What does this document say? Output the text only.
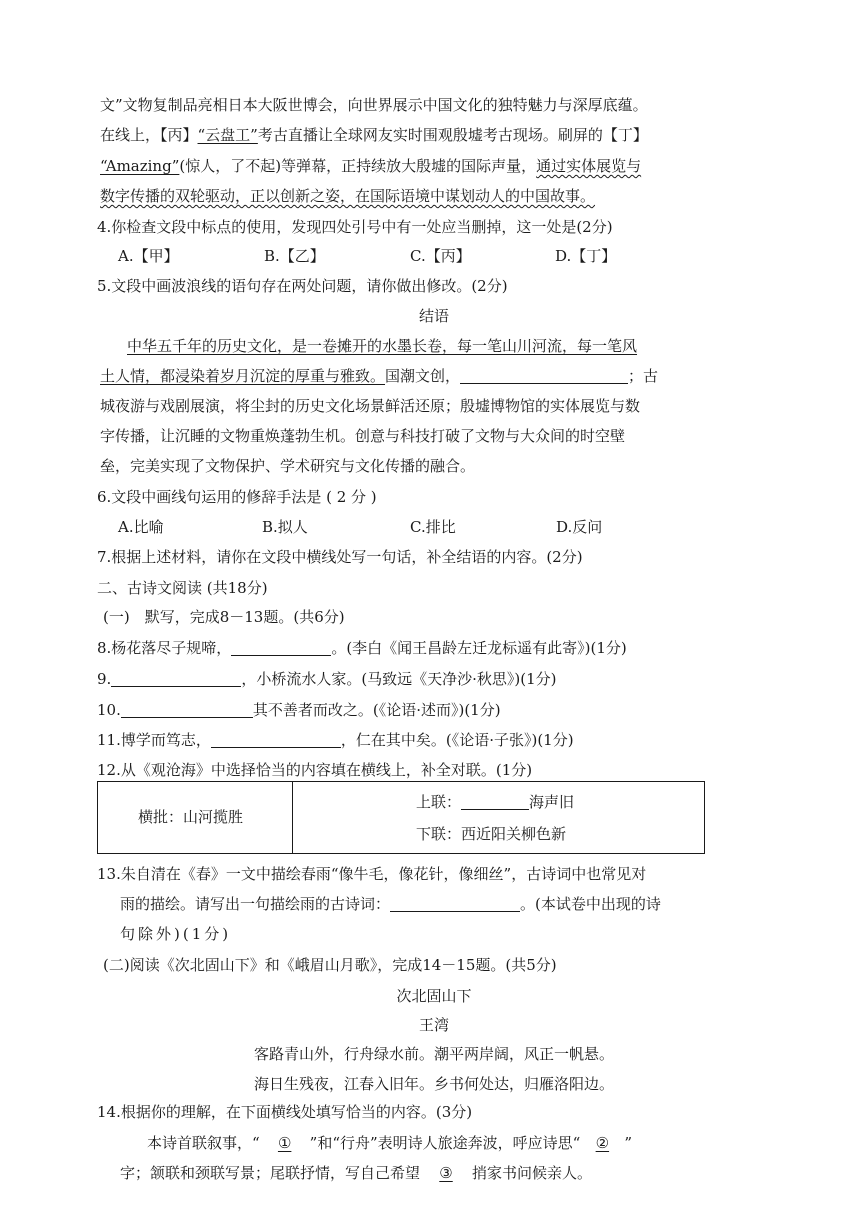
文”文物复制品亮相日本大阪世博会，向世界展示中国文化的独特魅力与深厚底蕴。
在线上，【丙】“云盘工”考古直播让全球网友实时围观殷墟考古现场。刷屏的【丁】
“Amazing”(惊人，了不起)等弹幕，正持续放大殷墟的国际声量，通过实体展览与
数字传播的双轮驱动，正以创新之姿，在国际语境中谋划动人的中国故事。
4.你检查文段中标点的使用，发现四处引号中有一处应当删掉，这一处是(2分)
A.【甲】	B.【乙】	C.【丙】	D.【丁】
5.文段中画波浪线的语句存在两处问题，请你做出修改。(2分)
结语
中华五千年的历史文化，是一卷摊开的水墨长卷，每一笔山川河流，每一笔风
土人情，都浸染着岁月沉淀的厚重与雅致。国潮文创，	；古
城夜游与戏剧展演，将尘封的历史文化场景鲜活还原；殷墟博物馆的实体展览与数
字传播，让沉睡的文物重焕蓬勃生机。创意与科技打破了文物与大众间的时空壁
垒，完美实现了文物保护、学术研究与文化传播的融合。
6.文段中画线句运用的修辞手法是 ( 2 分 )
A.比喻	B.拟人	C.排比	D.反问
7.根据上述材料，请你在文段中横线处写一句话，补全结语的内容。(2分)
二、古诗文阅读 (共18分)
(一)　默写，完成8－13题。(共6分)
8.杨花落尽子规啼，	。(李白《闻王昌龄左迁龙标遥有此寄》)(1分)
9.	，小桥流水人家。(马致远《天净沙·秋思》)(1分)
10.	其不善者而改之。(《论语·述而》)(1分)
11.博学而笃志，	，仁在其中矣。(《论语·子张》)(1分)
12.从《观沧海》中选择恰当的内容填在横线上，补全对联。(1分)
横批：山河揽胜
上联：	海声旧
下联：西近阳关柳色新
13.朱自清在《春》一文中描绘春雨“像牛毛，像花针，像细丝”，古诗词中也常见对
雨的描绘。请写出一句描绘雨的古诗词：	。(本试卷中出现的诗
句除外)(1分)
(二)阅读《次北固山下》和《峨眉山月歌》，完成14－15题。(共5分)
次北固山下
王湾
客路青山外，行舟绿水前。潮平两岸阔，风正一帆悬。
海日生残夜，江春入旧年。乡书何处达，归雁洛阳边。
14.根据你的理解，在下面横线处填写恰当的内容。(3分)
本诗首联叙事，“ ① ”和“行舟”表明诗人旅途奔波，呼应诗思“ ② ”
字；颔联和颈联写景；尾联抒情，写自己希望 ③ 捎家书问候亲人。
